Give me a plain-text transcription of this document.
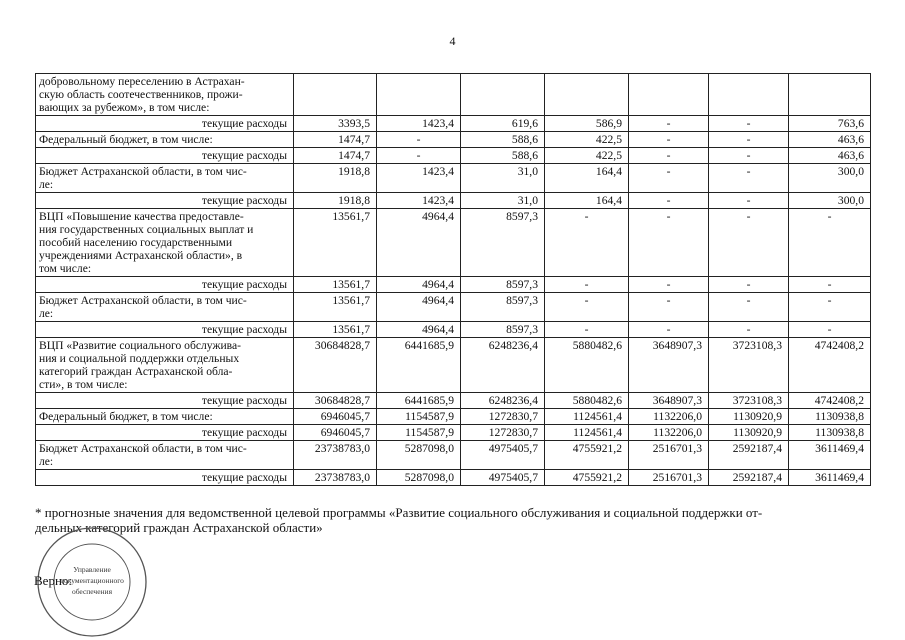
4
добровольному переселению в Астрахан-
скую область соотечественников, прожи-
вающих за рубежом», в том числе:							

текущие расходы	3393,5	1423,4	619,6	586,9	-	-	763,6

Федеральный бюджет, в том числе:	1474,7	-	588,6	422,5	-	-	463,6

текущие расходы	1474,7	-	588,6	422,5	-	-	463,6

Бюджет Астраханской области, в том чис-
ле:	1918,8	1423,4	31,0	164,4	-	-	300,0

текущие расходы	1918,8	1423,4	31,0	164,4	-	-	300,0

ВЦП «Повышение качества предоставле-
ния государственных социальных выплат и
пособий населению государственными
учреждениями Астраханской области», в
том числе:	13561,7	4964,4	8597,3	-	-	-	-

текущие расходы	13561,7	4964,4	8597,3	-	-	-	-

Бюджет Астраханской области, в том чис-
ле:	13561,7	4964,4	8597,3	-	-	-	-

текущие расходы	13561,7	4964,4	8597,3	-	-	-	-

ВЦП «Развитие социального обслужива-
ния и социальной поддержки отдельных
категорий граждан Астраханской обла-
сти», в том числе:	30684828,7	6441685,9	6248236,4	5880482,6	3648907,3	3723108,3	4742408,2

текущие расходы	30684828,7	6441685,9	6248236,4	5880482,6	3648907,3	3723108,3	4742408,2

Федеральный бюджет, в том числе:	6946045,7	1154587,9	1272830,7	1124561,4	1132206,0	1130920,9	1130938,8

текущие расходы	6946045,7	1154587,9	1272830,7	1124561,4	1132206,0	1130920,9	1130938,8

Бюджет Астраханской области, в том чис-
ле:	23738783,0	5287098,0	4975405,7	4755921,2	2516701,3	2592187,4	3611469,4

текущие расходы	23738783,0	5287098,0	4975405,7	4755921,2	2516701,3	2592187,4	3611469,4
* прогнозные значения для ведомственной целевой программы «Развитие социального обслуживания и социальной поддержки от-
дельных категорий граждан Астраханской области»
Управление
документационного
обеспечения
Верно:
